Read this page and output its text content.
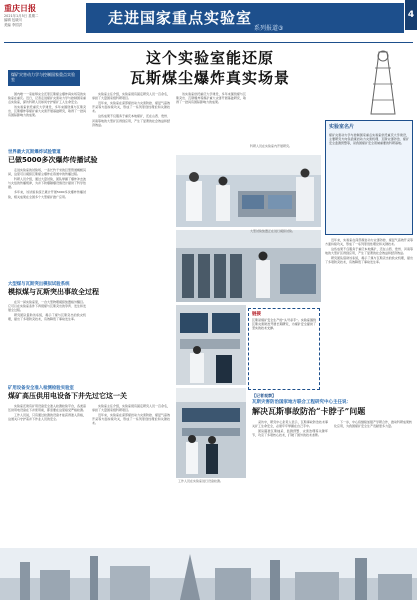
重庆日报
2021年1月5日 星期二
编辑 包晓川
美编 李国洪	走进国家重点实验室
系列报道③
4
这个实验室能还原
瓦斯煤尘爆炸真实场景
煤矿灾害动力学与控制国家重点实验室

国内唯一一家能够完全还原瓦斯煤尘爆炸真实场景的实验室在重庆。近日，记者走进煤矿灾害动力学与控制国家重点实验室，探访科研人员如何守护煤矿工人生命安全。

该实验室依托重庆大学建设，多年来围绕煤与瓦斯突出、瓦斯爆炸等煤矿重大灾害开展基础研究，取得了一批具有国际影响力的成果。

世界最大瓦斯爆炸试验管道
已做5000多次爆炸传播试验

走进实验室的试验场，一条长约千米的巨型管道蜿蜒其间，这里可以模拟瓦斯煤尘爆炸在巷道中的传播过程。

科研人员介绍，通过大量试验，团队掌握了爆炸冲击波与火焰的传播规律，为井下防爆隔爆设施设计提供了科学依据。

多年来，该试验系统已累计开展5000多次爆炸传播试验，相关成果在全国多个大型煤矿推广应用。

大型煤与瓦斯突出模拟试验系统
模拟煤与瓦斯突出事故全过程

在另一间实验室里，一台大型物理模拟装置格外醒目。它可以在实验室条件下再现煤与瓦斯突出的孕育、发生和发展全过程。

研究团队借助该系统，揭示了煤与瓦斯突出的致灾机理，提出了多项防突技术，有效降低了事故发生率。

矿用设备安全准入检测检验实验室
煤矿高压供用电设备下井先过它这一关

实验室还建有矿用设备安全准入检测检验平台，各类高压供用电设备在下井使用前，都需要在这里接受严格检测。

工作人员说，只有通过检测的设备才能获得准入资格，这道关口守护着井下作业人员的安全。

实验室主任介绍，实验室现有固定研究人员一百余名，承担了大量国家级科研项目。

近年来，实验室在深部煤岩动力灾害防控、煤层气高效开采等方面持续攻关，形成了一系列原创性理论和关键技术。

实验室主任介绍，实验室现有固定研究人员一百余名，承担了大量国家级科研项目。

近年来，实验室在深部煤岩动力灾害防控、煤层气高效开采等方面持续攻关，形成了一系列原创性理论和关键技术。

这些成果不仅服务于重庆本地煤矿，还在山西、贵州、河南等地的大型矿区得到应用，产生了显著的社会效益和经济效益。

该实验室依托重庆大学建设，多年来围绕煤与瓦斯突出、瓦斯爆炸等煤矿重大灾害开展基础研究，取得了一批具有国际影响力的成果。

大型试验装置正在进行模拟试验。
工作人员在实验室进行设备检测。
科研人员在实验室内开展研究。
实验室名片
煤矿灾害动力学与控制国家重点实验室依托重庆大学建设，主要研究方向包括煤岩动力灾害机理、瓦斯灾害防治、煤矿安全监测预警等，是我国煤矿安全领域重要的科研基地。

近年来，实验室在深部煤岩动力灾害防控、煤层气高效开采等方面持续攻关，形成了一系列原创性理论和关键技术。

这些成果不仅服务于重庆本地煤矿，还在山西、贵州、河南等地的大型矿区得到应用，产生了显著的社会效益和经济效益。

研究团队借助该系统，揭示了煤与瓦斯突出的致灾机理，提出了多项防突技术，有效降低了事故发生率。

链接
瓦斯是煤矿安全生产的“头号杀手”。实验室围绕瓦斯灾害防治开展长期研究，为煤矿安全提供了坚实的技术支撑。
【记者观察】
瓦斯灾害防治国家地方联合工程研究中心主任说：
解决瓦斯事故防治“卡脖子”问题

采访中，研究中心负责人表示，瓦斯事故防治技术事关矿工生命安全，必须牢牢掌握在自己手中。

团队瞄准瓦斯抽采、监测预警、灾害治理等关键环节，攻克了多项核心技术，打破了国外的技术垄断。

下一步，中心将继续加强产学研合作，推动科研成果转化应用，为我国煤矿安全生产贡献更多力量。
